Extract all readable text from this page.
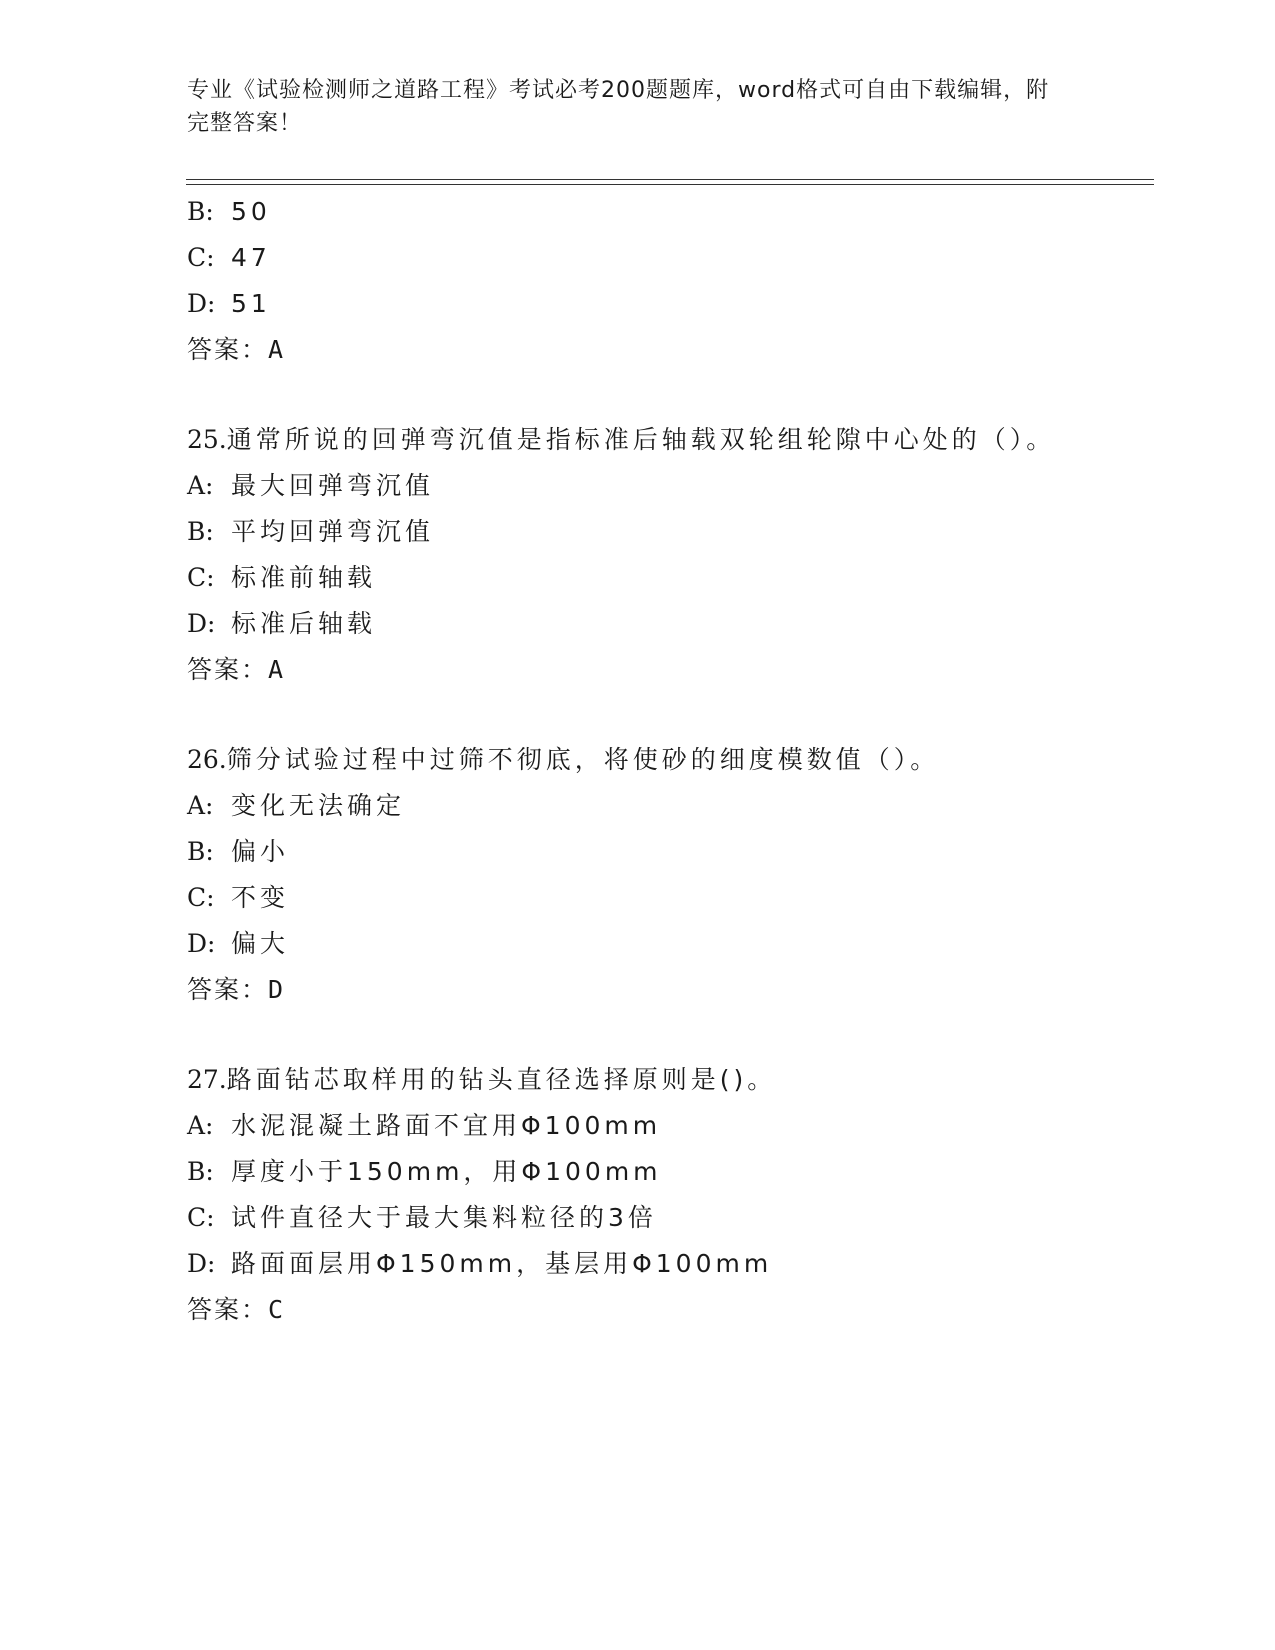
专业《试验检测师之道路工程》考试必考200题题库，word格式可自由下载编辑，附完整答案！
B: 50
C: 47
D: 51
答案：A
25.通常所说的回弹弯沉值是指标准后轴载双轮组轮隙中心处的（）。
A: 最大回弹弯沉值
B: 平均回弹弯沉值
C: 标准前轴载
D: 标准后轴载
答案：A
26.筛分试验过程中过筛不彻底，将使砂的细度模数值（）。
A: 变化无法确定
B: 偏小
C: 不变
D: 偏大
答案：D
27.路面钻芯取样用的钻头直径选择原则是()。
A: 水泥混凝土路面不宜用Φ100mm
B: 厚度小于150mm，用Φ100mm
C: 试件直径大于最大集料粒径的3倍
D: 路面面层用Φ150mm，基层用Φ100mm
答案：C
